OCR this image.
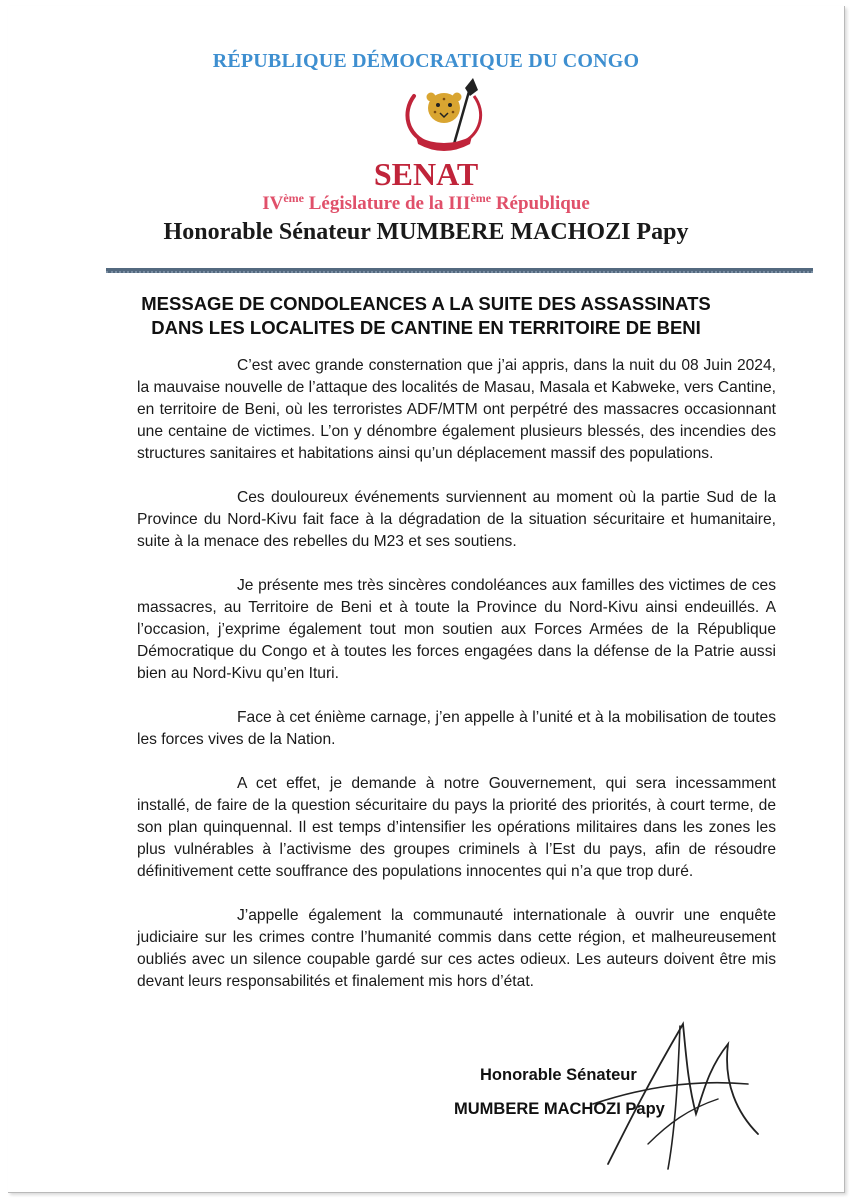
RÉPUBLIQUE DÉMOCRATIQUE DU CONGO
SENAT
IVème Législature de la IIIème République
Honorable Sénateur MUMBERE MACHOZI Papy
MESSAGE DE CONDOLEANCES A LA SUITE DES ASSASSINATS
DANS LES LOCALITES DE CANTINE EN TERRITOIRE DE BENI

C’est avec grande consternation que j’ai appris, dans la nuit du 08 Juin 2024, la mauvaise nouvelle de l’attaque des localités de Masau, Masala et Kabweke, vers Cantine, en territoire de Beni, où les terroristes ADF/MTM ont perpétré des massacres occasionnant une centaine de victimes. L’on y dénombre également plusieurs blessés, des incendies des structures sanitaires et habitations ainsi qu’un déplacement massif des populations.

Ces douloureux événements surviennent au moment où la partie Sud de la Province du Nord-Kivu fait face à la dégradation de la situation sécuritaire et humanitaire, suite à la menace des rebelles du M23 et ses soutiens.

Je présente mes très sincères condoléances aux familles des victimes de ces massacres, au Territoire de Beni et à toute la Province du Nord-Kivu ainsi endeuillés. A l’occasion, j’exprime également tout mon soutien aux Forces Armées de la République Démocratique du Congo et à toutes les forces engagées dans la défense de la Patrie aussi bien au Nord-Kivu qu’en Ituri.

Face à cet énième carnage, j’en appelle à l’unité et à la mobilisation de toutes les forces vives de la Nation.

A cet effet, je demande à notre Gouvernement, qui sera incessamment installé, de faire de la question sécuritaire du pays la priorité des priorités, à court terme, de son plan quinquennal. Il est temps d’intensifier les opérations militaires dans les zones les plus vulnérables à l’activisme des groupes criminels à l’Est du pays, afin de résoudre définitivement cette souffrance des populations innocentes qui n’a que trop duré.

J’appelle également la communauté internationale à ouvrir une enquête judiciaire sur les crimes contre l’humanité commis dans cette région, et malheureusement oubliés avec un silence coupable gardé sur ces actes odieux. Les auteurs doivent être mis devant leurs responsabilités et finalement mis hors d’état.

Honorable Sénateur
MUMBERE MACHOZI Papy
